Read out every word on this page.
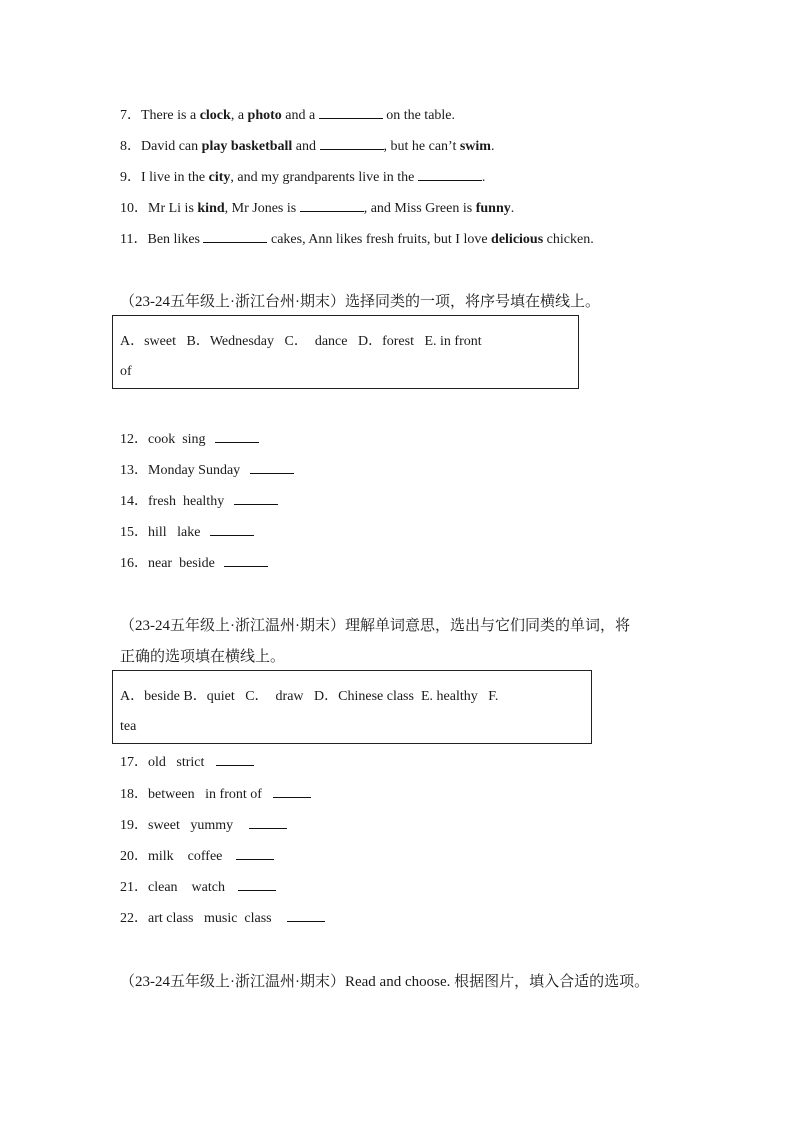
7．There is a clock, a photo and a	on the table.
8．David can play basketball and	, but he can’t swim.
9．I live in the city, and my grandparents live in the	.
10．Mr Li is kind, Mr Jones is	, and Miss Green is funny.
11．Ben likes	cakes, Ann likes fresh fruits, but I love delicious chicken.
（23-24五年级上·浙江台州·期末）选择同类的一项，将序号填在横线上。
A．sweet   B．Wednesday   C．  dance   D．forest   E. in front
of
12．cook  sing
13．Monday Sunday
14．fresh  healthy
15．hill   lake
16．near  beside
（23-24五年级上·浙江温州·期末）理解单词意思，选出与它们同类的单词，将
正确的选项填在横线上。
A．beside B．quiet   C．  draw   D．Chinese class  E. healthy   F.
tea
17．old   strict
18．between   in front of
19．sweet   yummy
20．milk    coffee
21．clean    watch
22．art class   music  class
（23-24五年级上·浙江温州·期末）Read and choose. 根据图片，填入合适的选项。
